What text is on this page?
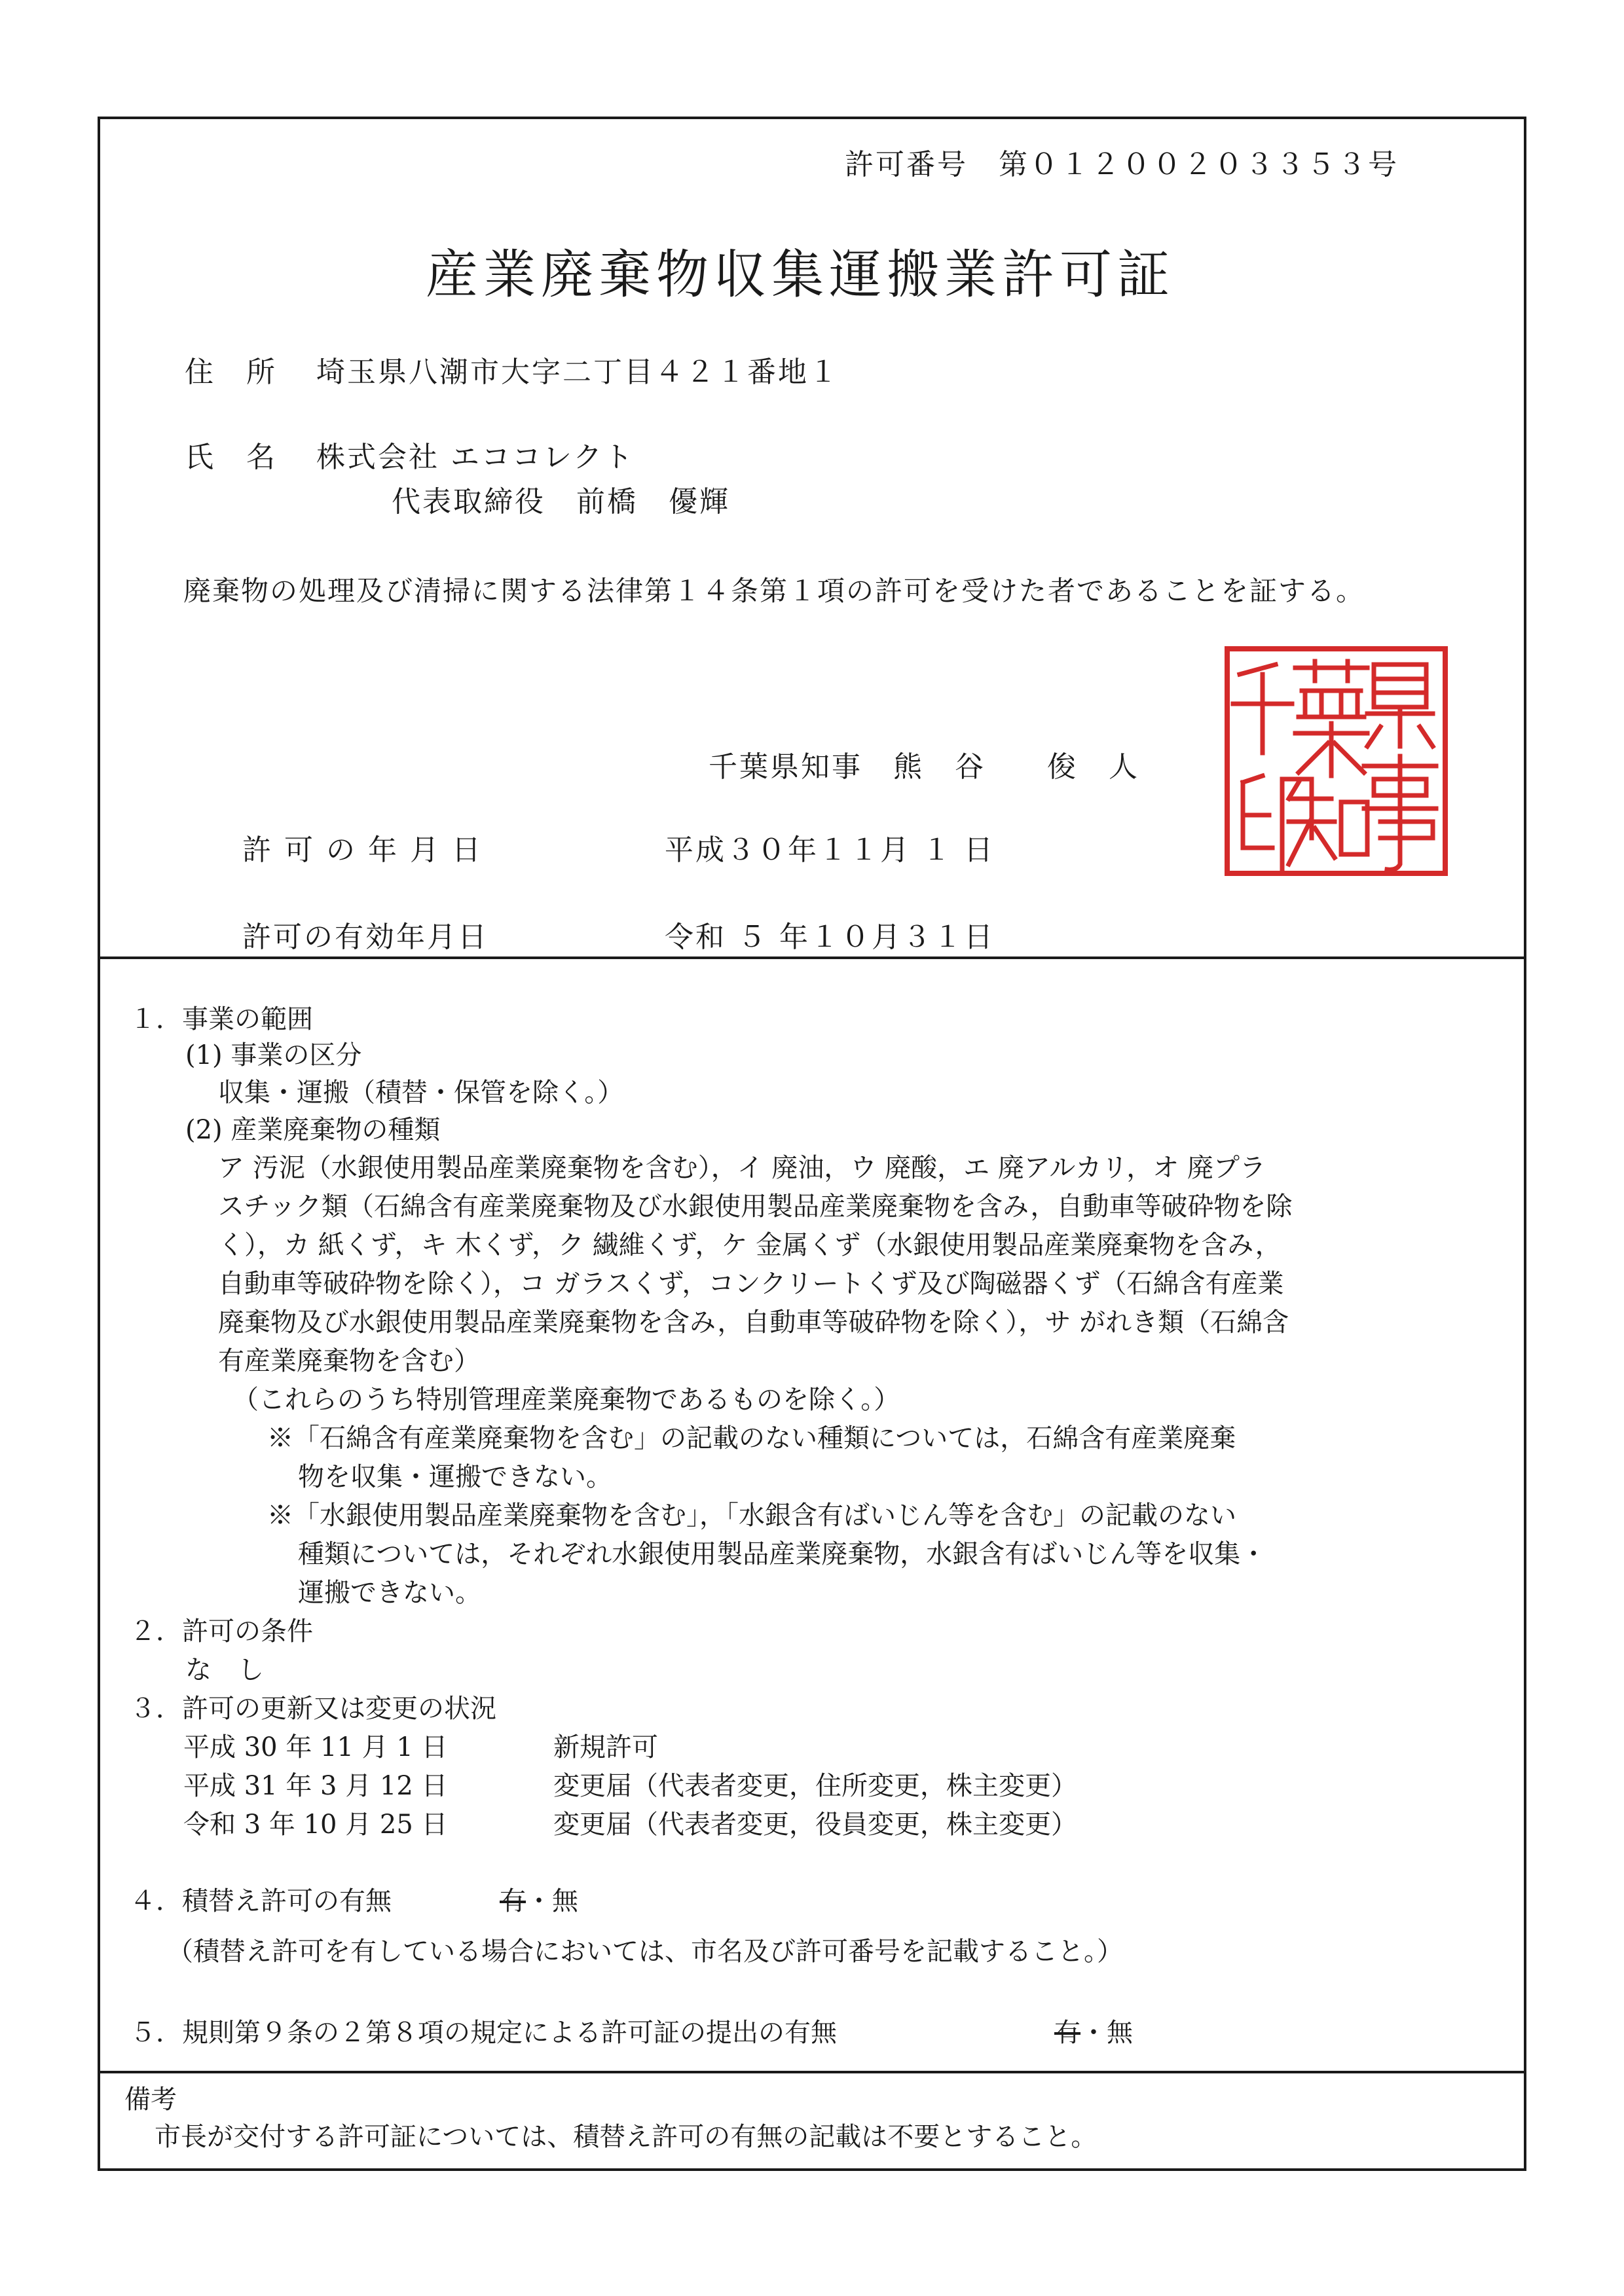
許可番号　第０１２００２０３３５３号
産業廃棄物収集運搬業許可証
住　所 埼玉県八潮市大字二丁目４２１番地１
氏　名 株式会社 エココレクト
代表取締役　前橋　優輝
廃棄物の処理及び清掃に関する法律第１４条第１項の許可を受けた者であることを証する。
千葉県知事印
千葉県知事　熊　谷　　俊　人
許 可 の 年 月 日	平成３０年１１月 １ 日
許可の有効年月日	令和 ５ 年１０月３１日
１．事業の範囲
(1) 事業の区分
収集・運搬（積替・保管を除く。）
(2) 産業廃棄物の種類
ア 汚泥（水銀使用製品産業廃棄物を含む），イ 廃油，ウ 廃酸，エ 廃アルカリ，オ 廃プラ
スチック類（石綿含有産業廃棄物及び水銀使用製品産業廃棄物を含み，自動車等破砕物を除
く），カ 紙くず，キ 木くず，ク 繊維くず，ケ 金属くず（水銀使用製品産業廃棄物を含み，
自動車等破砕物を除く），コ ガラスくず，コンクリートくず及び陶磁器くず（石綿含有産業
廃棄物及び水銀使用製品産業廃棄物を含み，自動車等破砕物を除く），サ がれき類（石綿含
有産業廃棄物を含む）
（これらのうち特別管理産業廃棄物であるものを除く。）
※「石綿含有産業廃棄物を含む」の記載のない種類については，石綿含有産業廃棄
物を収集・運搬できない。
※「水銀使用製品産業廃棄物を含む」，「水銀含有ばいじん等を含む」の記載のない
種類については，それぞれ水銀使用製品産業廃棄物，水銀含有ばいじん等を収集・
運搬できない。
２．許可の条件
な　し
３．許可の更新又は変更の状況
平成 30 年 11 月 1 日	新規許可
平成 31 年 3 月 12 日	変更届（代表者変更，住所変更，株主変更）
令和 3 年 10 月 25 日	変更届（代表者変更，役員変更，株主変更）
４．積替え許可の有無	有・無
（積替え許可を有している場合においては、市名及び許可番号を記載すること。）
５．規則第９条の２第８項の規定による許可証の提出の有無	有・無
備考
市長が交付する許可証については、積替え許可の有無の記載は不要とすること。
